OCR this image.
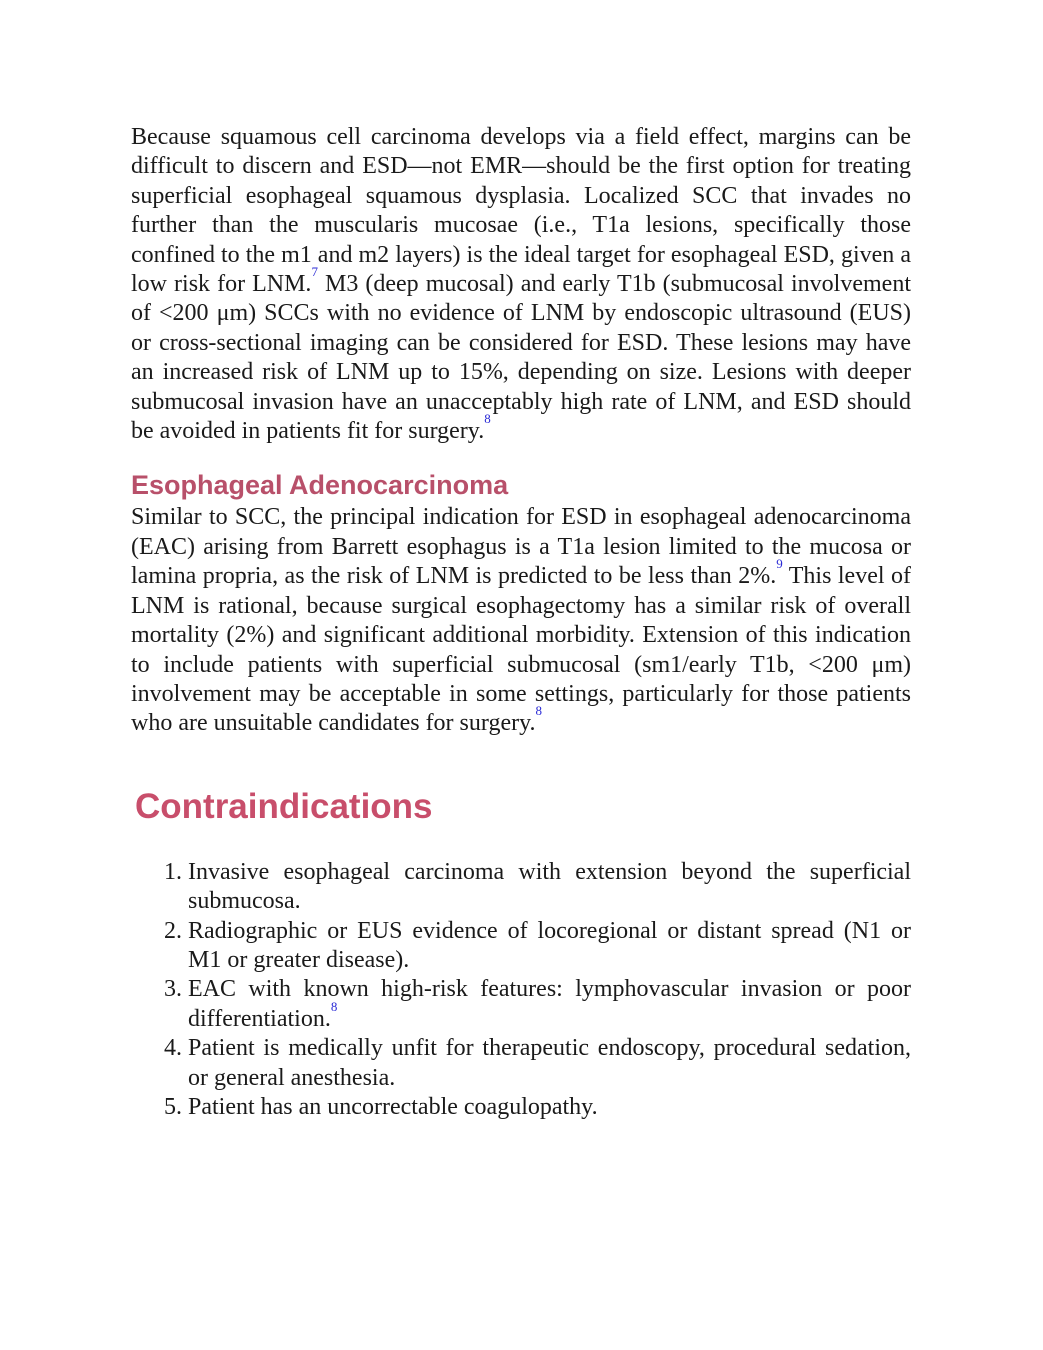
Because squamous cell carcinoma develops via a field effect, margins can be difficult to discern and ESD—not EMR—should be the first option for treating superficial esophageal squamous dysplasia. Localized SCC that invades no further than the muscularis mucosae (i.e., T1a lesions, specifically those confined to the m1 and m2 layers) is the ideal target for esophageal ESD, given a low risk for LNM.$^7$ M3 (deep mucosal) and early T1b (submucosal involvement of <200 μm) SCCs with no evidence of LNM by endoscopic ultrasound (EUS) or cross-sectional imaging can be considered for ESD. These lesions may have an increased risk of LNM up to 15%, depending on size. Lesions with deeper submucosal invasion have an unacceptably high rate of LNM, and ESD should be avoided in patients fit for surgery.$^8$

Esophageal Adenocarcinoma

Similar to SCC, the principal indication for ESD in esophageal adenocarcinoma (EAC) arising from Barrett esophagus is a T1a lesion limited to the mucosa or lamina propria, as the risk of LNM is predicted to be less than 2%.$^9$ This level of LNM is rational, because surgical esophagectomy has a similar risk of overall mortality (2%) and significant additional morbidity. Extension of this indication to include patients with superficial submucosal (sm1/early T1b, <200 μm) involvement may be acceptable in some settings, particularly for those patients who are unsuitable candidates for surgery.$^8$

Contraindications
1.
Invasive esophageal carcinoma with extension beyond the superficial submucosa.
2.
Radiographic or EUS evidence of locoregional or distant spread (N1 or M1 or greater disease).
3.
EAC with known high-risk features: lymphovascular invasion or poor differentiation.$^8$
4.
Patient is medically unfit for therapeutic endoscopy, procedural sedation, or general anesthesia.
5.
Patient has an uncorrectable coagulopathy.
